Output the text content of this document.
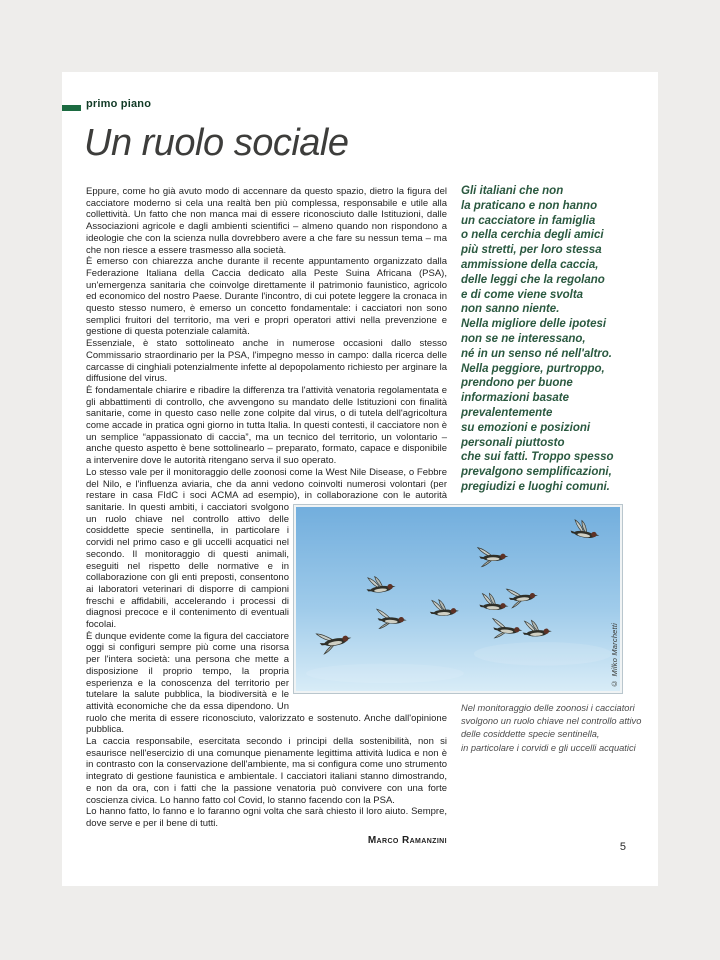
primo piano
Un ruolo sociale

Eppure, come ho già avuto modo di accennare da questo spazio, dietro la figura del cacciatore moderno si cela una realtà ben più complessa, responsabile e utile alla collettività. Un fatto che non manca mai di essere riconosciuto dalle Istituzioni, dalle Associazioni agricole e dagli ambienti scientifici – almeno quando non rispondono a ideologie che con la scienza nulla dovrebbero avere a che fare su nessun tema – ma che non riesce a essere trasmesso alla società.

È emerso con chiarezza anche durante il recente appuntamento organizzato dalla Federazione Italiana della Caccia dedicato alla Peste Suina Africana (PSA), un'emergenza sanitaria che coinvolge direttamente il patrimonio faunistico, agricolo ed economico del nostro Paese. Durante l'incontro, di cui potete leggere la cronaca in questo stesso numero, è emerso un concetto fondamentale: i cacciatori non sono semplici fruitori del territorio, ma veri e propri operatori attivi nella prevenzione e gestione di questa potenziale calamità.

Essenziale, è stato sottolineato anche in numerose occasioni dallo stesso Commissario straordinario per la PSA, l'impegno messo in campo: dalla ricerca delle carcasse di cinghiali potenzialmente infette al depopolamento richiesto per arginare la diffusione del virus.

È fondamentale chiarire e ribadire la differenza tra l'attività venatoria regolamentata e gli abbattimenti di controllo, che avvengono su mandato delle Istituzioni con finalità sanitarie, come in questo caso nelle zone colpite dal virus, o di tutela dell'agricoltura come accade in pratica ogni giorno in tutta Italia. In questi contesti, il cacciatore non è un semplice “appassionato di caccia”, ma un tecnico del territorio, un volontario – anche questo aspetto è bene sottolinearlo – preparato, formato, capace e disponibile a intervenire dove le autorità ritengano serva il suo operato.

Lo stesso vale per il monitoraggio delle zoonosi come la West Nile Disease, o Febbre del Nilo, e l'influenza aviaria, che da anni vedono coinvolti numerosi volontari (per restare in casa FIdC i soci ACMA ad esempio), in collaborazione con le autorità sanitarie. In questi ambiti, i cacciatori svolgono un ruolo chiave nel controllo attivo delle cosiddette specie sentinella, in particolare i corvidi nel primo caso e gli uccelli acquatici nel secondo. Il monitoraggio di questi animali, eseguiti nel rispetto delle normative e in collaborazione con gli enti preposti, consentono ai laboratori veterinari di disporre di campioni freschi e affidabili, accelerando i processi di diagnosi precoce e il contenimento di eventuali focolai.

È dunque evidente come la figura del cacciatore oggi si configuri sempre più come una risorsa per l'intera società: una persona che mette a disposizione il proprio tempo, la propria esperienza e la conoscenza del territorio per tutelare la salute pubblica, la biodiversità e le attività economiche che da essa dipendono. Un ruolo che merita di essere riconosciuto, valorizzato e sostenuto. Anche dall'opinione pubblica.

La caccia responsabile, esercitata secondo i principi della sostenibilità, non si esaurisce nell'esercizio di una comunque pienamente legittima attività ludica e non è in contrasto con la conservazione dell'ambiente, ma si configura come uno strumento integrato di gestione faunistica e ambientale. I cacciatori italiani stanno dimostrando, e non da ora, con i fatti che la passione venatoria può convivere con una forte coscienza civica. Lo hanno fatto col Covid, lo stanno facendo con la PSA.

Lo hanno fatto, lo fanno e lo faranno ogni volta che sarà chiesto il loro aiuto. Sempre, dove serve e per il bene di tutti.

Marco Ramanzini
Gli italiani che non
la praticano e non hanno
un cacciatore in famiglia
o nella cerchia degli amici
più stretti, per loro stessa
ammissione della caccia,
delle leggi che la regolano
e di come viene svolta
non sanno niente.
Nella migliore delle ipotesi
non se ne interessano,
né in un senso né nell'altro.
Nella peggiore, purtroppo,
prendono per buone
informazioni basate
prevalentemente
su emozioni e posizioni
personali piuttosto
che sui fatti. Troppo spesso
prevalgono semplificazioni,
pregiudizi e luoghi comuni.
© Milko Marchetti
Nel monitoraggio delle zoonosi i cacciatori
svolgono un ruolo chiave nel controllo attivo
delle cosiddette specie sentinella,
in particolare i corvidi e gli uccelli acquatici
5
